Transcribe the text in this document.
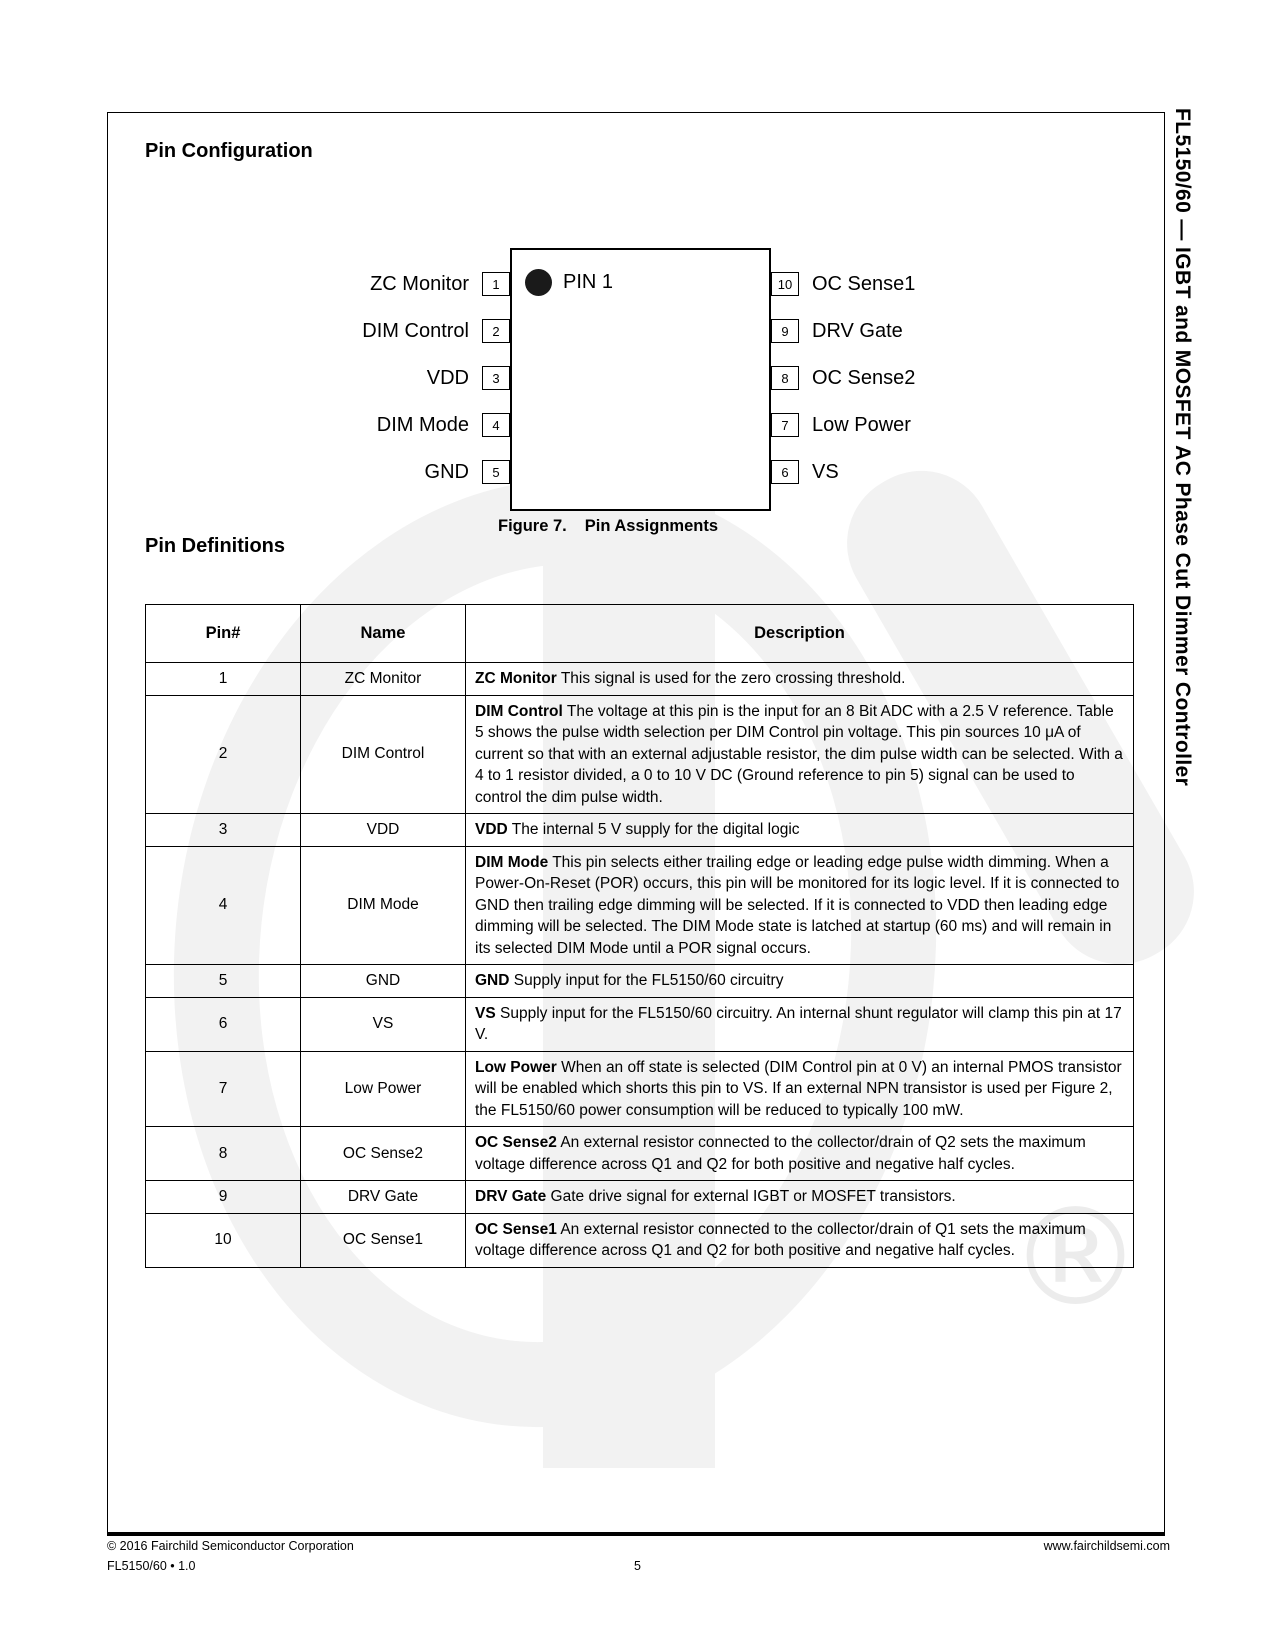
®
FL5150/60 — IGBT and MOSFET AC Phase Cut Dimmer Controller
Pin Configuration
PIN 1
ZC Monitor	1
DIM Control	2
VDD	3
DIM Mode	4
GND	5
10 OC Sense1
9	DRV Gate
8	OC Sense2
7	Low Power
6	VS
Figure 7. Pin Assignments
Pin Definitions
Pin#	Name	Description
1	ZC Monitor	ZC Monitor This signal is used for the zero crossing threshold.
2	DIM Control	DIM Control The voltage at this pin is the input for an 8 Bit ADC with a 2.5 V reference. Table 5 shows the pulse width selection per DIM Control pin voltage. This pin sources 10 μA of current so that with an external adjustable resistor, the dim pulse width can be selected. With a 4 to 1 resistor divided, a 0 to 10 V DC (Ground reference to pin 5) signal can be used to control the dim pulse width.
3	VDD	VDD The internal 5 V supply for the digital logic
4	DIM Mode	DIM Mode This pin selects either trailing edge or leading edge pulse width dimming. When a Power-On-Reset (POR) occurs, this pin will be monitored for its logic level. If it is connected to GND then trailing edge dimming will be selected. If it is connected to VDD then leading edge dimming will be selected. The DIM Mode state is latched at startup (60 ms) and will remain in its selected DIM Mode until a POR signal occurs.
5	GND	GND Supply input for the FL5150/60 circuitry
6	VS	VS Supply input for the FL5150/60 circuitry. An internal shunt regulator will clamp this pin at 17 V.
7	Low Power	Low Power When an off state is selected (DIM Control pin at 0 V) an internal PMOS transistor will be enabled which shorts this pin to VS. If an external NPN transistor is used per Figure 2, the FL5150/60 power consumption will be reduced to typically 100 mW.
8	OC Sense2	OC Sense2 An external resistor connected to the collector/drain of Q2 sets the maximum voltage difference across Q1 and Q2 for both positive and negative half cycles.
9	DRV Gate	DRV Gate Gate drive signal for external IGBT or MOSFET transistors.
10	OC Sense1	OC Sense1 An external resistor connected to the collector/drain of Q1 sets the maximum voltage difference across Q1 and Q2 for both positive and negative half cycles.
© 2016 Fairchild Semiconductor Corporation	www.fairchildsemi.com
FL5150/60 • 1.0	5
